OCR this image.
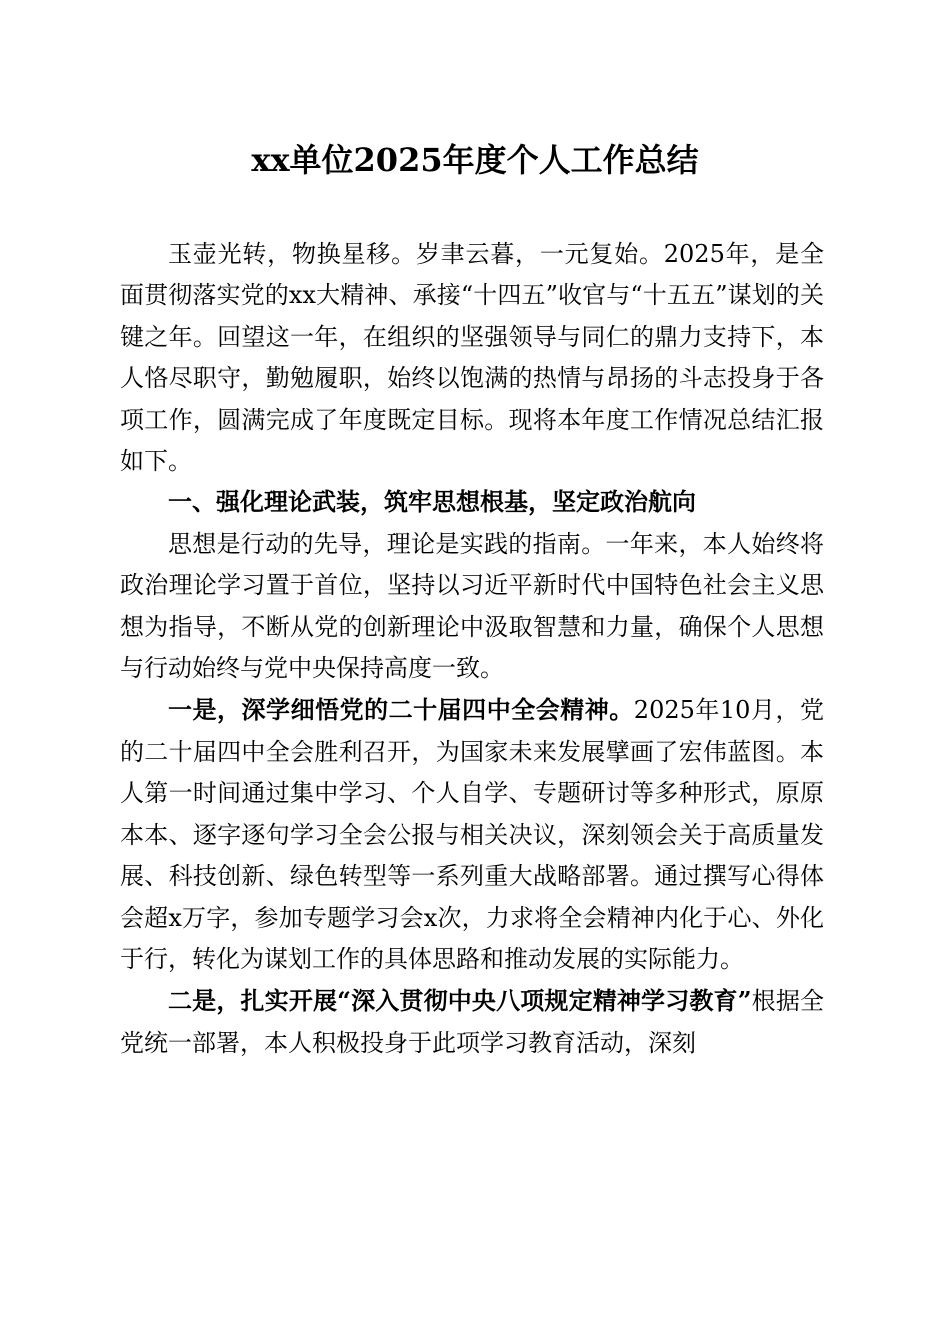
xx单位2025年度个人工作总结

玉壶光转，物换星移。岁聿云暮，一元复始。2025年，是全面贯彻落实党的xx大精神、承接“十四五”收官与“十五五”谋划的关键之年。回望这一年，在组织的坚强领导与同仁的鼎力支持下，本人恪尽职守，勤勉履职，始终以饱满的热情与昂扬的斗志投身于各项工作，圆满完成了年度既定目标。现将本年度工作情况总结汇报如下。

一、强化理论武装，筑牢思想根基，坚定政治航向

思想是行动的先导，理论是实践的指南。一年来，本人始终将政治理论学习置于首位，坚持以习近平新时代中国特色社会主义思想为指导，不断从党的创新理论中汲取智慧和力量，确保个人思想与行动始终与党中央保持高度一致。

一是，深学细悟党的二十届四中全会精神。2025年10月，党的二十届四中全会胜利召开，为国家未来发展擘画了宏伟蓝图。本人第一时间通过集中学习、个人自学、专题研讨等多种形式，原原本本、逐字逐句学习全会公报与相关决议，深刻领会关于高质量发展、科技创新、绿色转型等一系列重大战略部署。通过撰写心得体会超x万字，参加专题学习会x次，力求将全会精神内化于心、外化于行，转化为谋划工作的具体思路和推动发展的实际能力。

二是，扎实开展“深入贯彻中央八项规定精神学习教育”根据全党统一部署，本人积极投身于此项学习教育活动，深刻
